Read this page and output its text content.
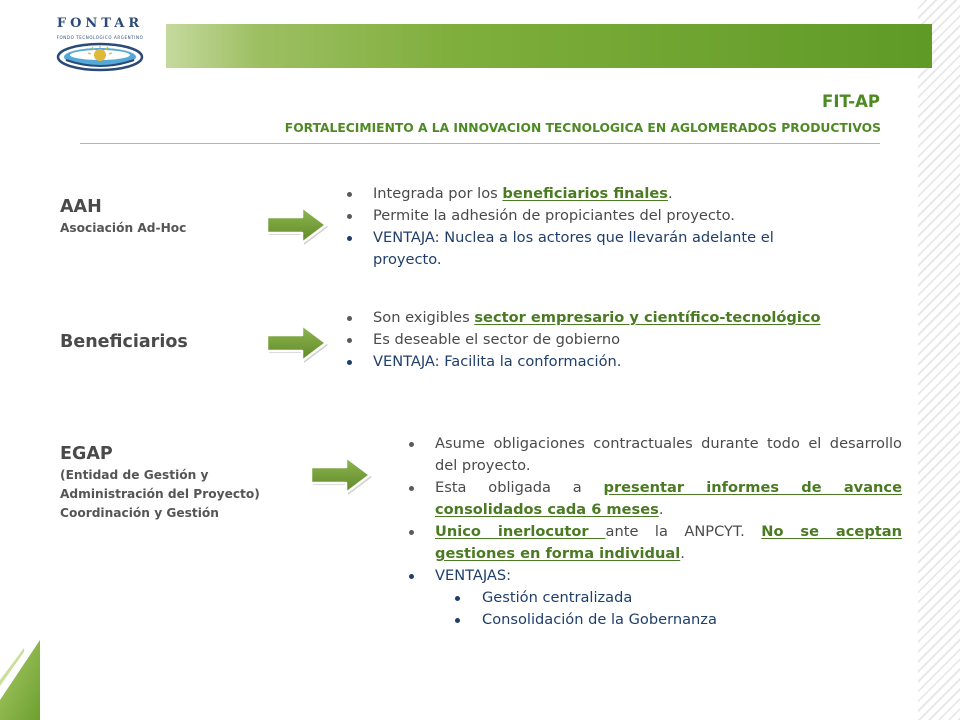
FONTAR
FONDO TECNOLOGICO ARGENTINO
FIT-AP
FORTALECIMIENTO A LA INNOVACION TECNOLOGICA EN AGLOMERADOS PRODUCTIVOS
AAH
Asociación Ad-Hoc
Integrada por los beneficiarios finales.
Permite la adhesión de propiciantes del proyecto.
VENTAJA: Nuclea a los actores que llevarán adelante el proyecto.
Beneficiarios
Son exigibles sector empresario y científico-tecnológico
Es deseable el sector de gobierno
VENTAJA: Facilita la conformación.
EGAP
(Entidad de Gestión y
Administración del Proyecto)
Coordinación y Gestión
Asume obligaciones contractuales durante todo el desarrollo del proyecto.
Esta obligada a presentar informes de avance consolidados cada 6 meses.
Unico inerlocutor ante la ANPCYT. No se aceptan gestiones en forma individual.
VENTAJAS:
Gestión centralizada
Consolidación de la Gobernanza
